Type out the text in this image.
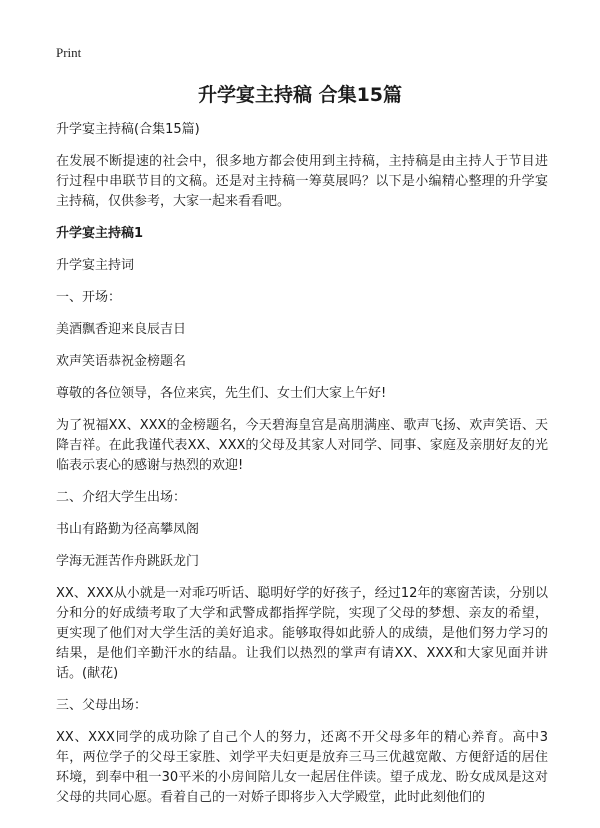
Print
升学宴主持稿 合集15篇

升学宴主持稿(合集15篇)

在发展不断提速的社会中，很多地方都会使用到主持稿，主持稿是由主持人于节目进行过程中串联节目的文稿。还是对主持稿一筹莫展吗？以下是小编精心整理的升学宴主持稿，仅供参考，大家一起来看看吧。

升学宴主持稿1

升学宴主持词

一、开场：

美酒飘香迎来良辰吉日

欢声笑语恭祝金榜题名

尊敬的各位领导，各位来宾，先生们、女士们大家上午好!

为了祝福XX、XXX的金榜题名，今天碧海皇宫是高朋满座、歌声飞扬、欢声笑语、天降吉祥。在此我谨代表XX、XXX的父母及其家人对同学、同事、家庭及亲朋好友的光临表示衷心的感谢与热烈的欢迎!

二、介绍大学生出场：

书山有路勤为径高攀凤阁

学海无涯苦作舟跳跃龙门

XX、XXX从小就是一对乖巧听话、聪明好学的好孩子，经过12年的寒窗苦读，分别以分和分的好成绩考取了大学和武警成都指挥学院，实现了父母的梦想、亲友的希望，更实现了他们对大学生活的美好追求。能够取得如此骄人的成绩，是他们努力学习的结果，是他们辛勤汗水的结晶。让我们以热烈的掌声有请XX、XXX和大家见面并讲话。(献花)

三、父母出场：

XX、XXX同学的成功除了自己个人的努力，还离不开父母多年的精心养育。高中3年，两位学子的父母王家胜、刘学平夫妇更是放弃三马三优越宽敞、方便舒适的居住环境，到奉中租一30平米的小房间陪儿女一起居住伴读。望子成龙、盼女成凤是这对父母的共同心愿。看着自己的一对娇子即将步入大学殿堂，此时此刻他们的
